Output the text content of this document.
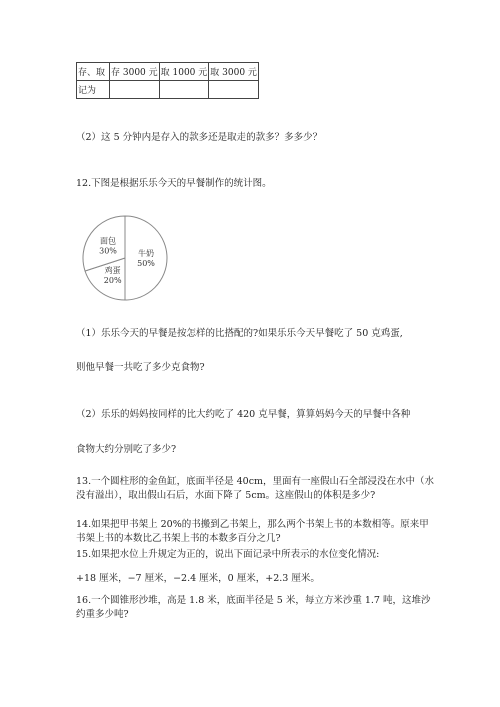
存、取	存 3000 元	取 1000 元	取 3000 元
记为			
（2）这 5 分钟内是存入的款多还是取走的款多？多多少？
12.下图是根据乐乐今天的早餐制作的统计图。
牛奶
50%
鸡蛋
20%
面包
30%
（1）乐乐今天的早餐是按怎样的比搭配的?如果乐乐今天早餐吃了 50 克鸡蛋,
则他早餐一共吃了多少克食物?
（2）乐乐的妈妈按同样的比大约吃了 420 克早餐，算算妈妈今天的早餐中各种
食物大约分别吃了多少?
13.一个圆柱形的金鱼缸，底面半径是 40cm，里面有一座假山石全部浸没在水中（水没有溢出），取出假山石后，水面下降了 5cm。这座假山的体积是多少?
14.如果把甲书架上 20%的书搬到乙书架上，那么两个书架上书的本数相等。原来甲书架上书的本数比乙书架上书的本数多百分之几?
15.如果把水位上升规定为正的，说出下面记录中所表示的水位变化情况:
+18 厘米，−7 厘米，−2.4 厘米，0 厘米，+2.3 厘米。
16.一个圆锥形沙堆，高是 1.8 米，底面半径是 5 米，每立方米沙重 1.7 吨，这堆沙约重多少吨?
